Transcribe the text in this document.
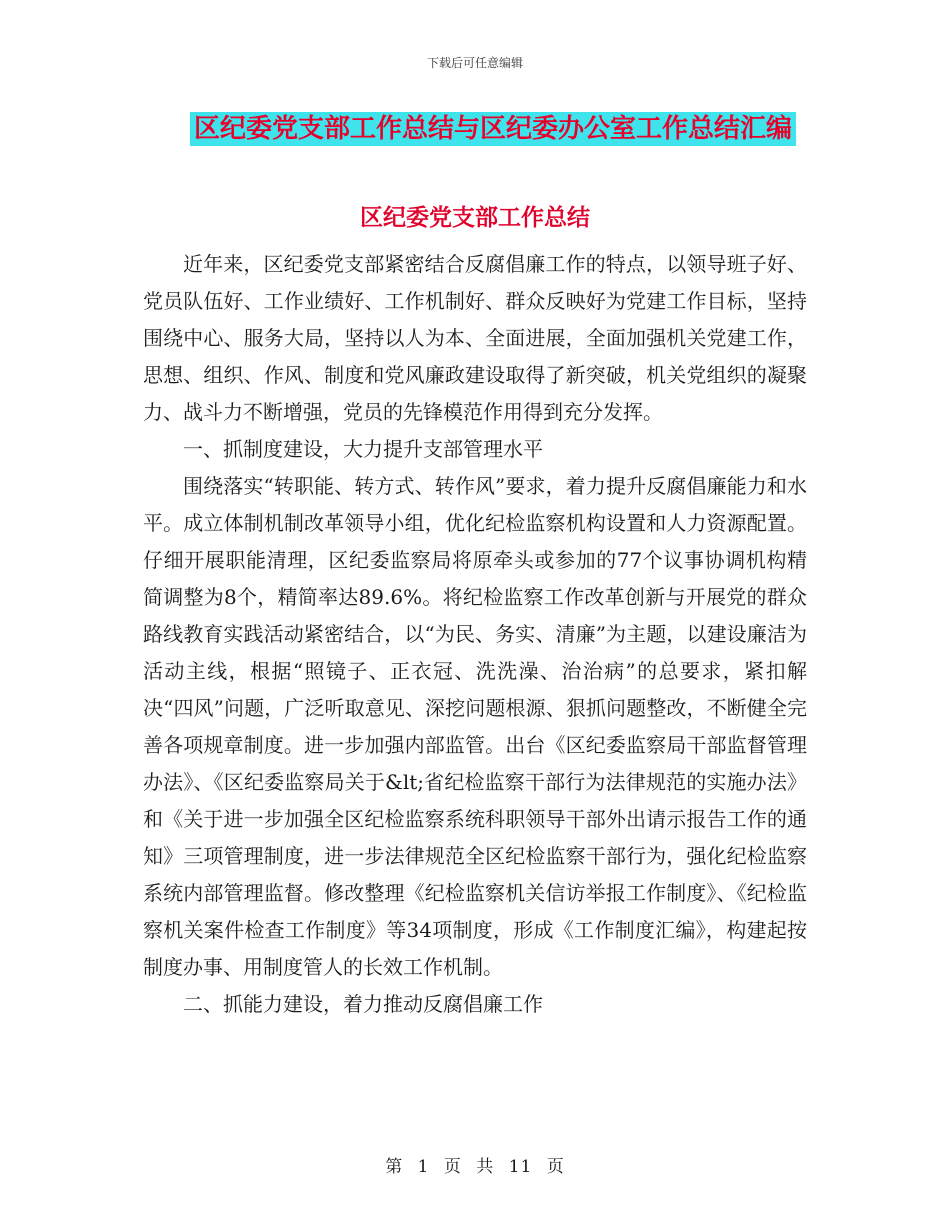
下载后可任意编辑
区纪委党支部工作总结与区纪委办公室工作总结汇编
区纪委党支部工作总结

近年来，区纪委党支部紧密结合反腐倡廉工作的特点，以领导班子好、党员队伍好、工作业绩好、工作机制好、群众反映好为党建工作目标，坚持围绕中心、服务大局，坚持以人为本、全面进展，全面加强机关党建工作，思想、组织、作风、制度和党风廉政建设取得了新突破，机关党组织的凝聚力、战斗力不断增强，党员的先锋模范作用得到充分发挥。

一、抓制度建设，大力提升支部管理水平

围绕落实“转职能、转方式、转作风”要求，着力提升反腐倡廉能力和水平。成立体制机制改革领导小组，优化纪检监察机构设置和人力资源配置。仔细开展职能清理，区纪委监察局将原牵头或参加的77个议事协调机构精简调整为8个，精简率达89.6%。将纪检监察工作改革创新与开展党的群众路线教育实践活动紧密结合，以“为民、务实、清廉”为主题，以建设廉洁为活动主线，根据“照镜子、正衣冠、洗洗澡、治治病”的总要求，紧扣解决“四风”问题，广泛听取意见、深挖问题根源、狠抓问题整改，不断健全完善各项规章制度。进一步加强内部监管。出台《区纪委监察局干部监督管理办法》、《区纪委监察局关于&lt;省纪检监察干部行为法律规范的实施办法》和《关于进一步加强全区纪检监察系统科职领导干部外出请示报告工作的通知》三项管理制度，进一步法律规范全区纪检监察干部行为，强化纪检监察系统内部管理监督。修改整理《纪检监察机关信访举报工作制度》、《纪检监察机关案件检查工作制度》等34项制度，形成《工作制度汇编》，构建起按制度办事、用制度管人的长效工作机制。

二、抓能力建设，着力推动反腐倡廉工作

第 1 页 共 11 页
